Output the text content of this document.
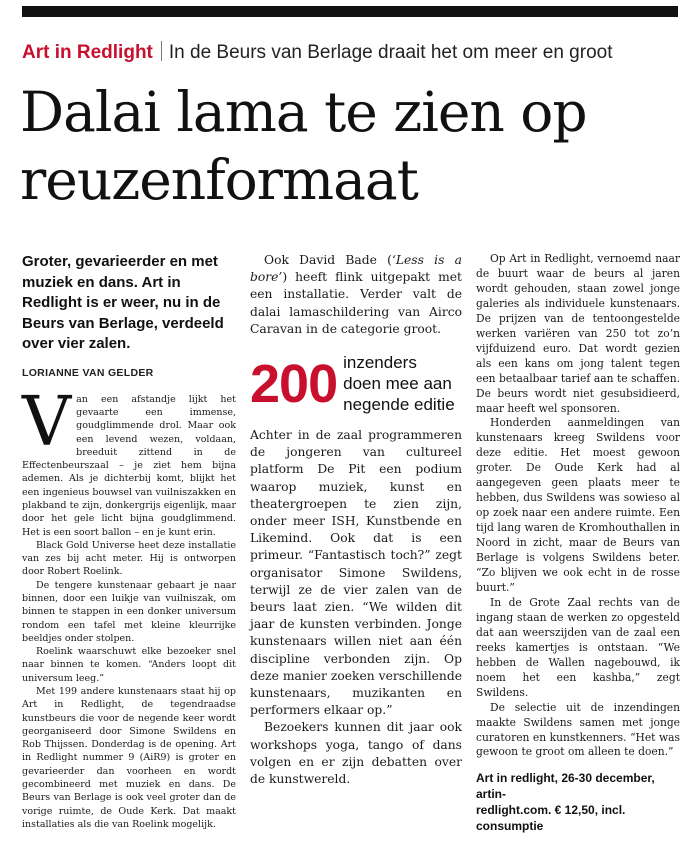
Art in Redlight In de Beurs van Berlage draait het om meer en groot
Dalai lama te zien op reuzenformaat

Groter, gevarieerder en met muziek en dans. Art in Redlight is er weer, nu in de Beurs van Berlage, verdeeld over vier zalen.

LORIANNE VAN GELDER

Van een afstandje lijkt het gevaarte een immense, goudglimmende drol. Maar ook een levend wezen, voldaan, breeduit zittend in de Effectenbeurszaal – je ziet hem bijna ademen. Als je dichterbij komt, blijkt het een ingenieus bouwsel van vuilniszakken en plakband te zijn, donkergrijs eigenlijk, maar door het gele licht bijna goudglimmend. Het is een soort ballon – en je kunt erin.

Black Gold Universe heet deze installatie van zes bij acht meter. Hij is ontworpen door Robert Roelink.

De tengere kunstenaar gebaart je naar binnen, door een luikje van vuilniszak, om binnen te stappen in een donker universum rondom een tafel met kleine kleurrijke beeldjes onder stolpen.

Roelink waarschuwt elke bezoeker snel naar binnen te komen. “Anders loopt dit universum leeg.”

Met 199 andere kunstenaars staat hij op Art in Redlight, de tegendraadse kunstbeurs die voor de negende keer wordt georganiseerd door Simone Swildens en Rob Thijssen. Donderdag is de opening. Art in Redlight nummer 9 (AiR9) is groter en gevarieerder dan voorheen en wordt gecombineerd met muziek en dans. De Beurs van Berlage is ook veel groter dan de vorige ruimte, de Oude Kerk. Dat maakt installaties als die van Roelink mogelijk.

Ook David Bade (‘Less is a bore’) heeft flink uitgepakt met een installatie. Verder valt de dalai lamaschildering van Airco Caravan in de categorie groot.

200 inzenders
doen mee aan
negende editie

Achter in de zaal programmeren de jongeren van cultureel platform De Pit een podium waarop muziek, kunst en theatergroepen te zien zijn, onder meer ISH, Kunstbende en Likemind. Ook dat is een primeur. “Fantastisch toch?” zegt organisator Simone Swildens, terwijl ze de vier zalen van de beurs laat zien. “We wilden dit jaar de kunsten verbinden. Jonge kunstenaars willen niet aan één discipline verbonden zijn. Op deze manier zoeken verschillende kunstenaars, muzikanten en performers elkaar op.”

Bezoekers kunnen dit jaar ook workshops yoga, tango of dans volgen en er zijn debatten over de kunstwereld.

Op Art in Redlight, vernoemd naar de buurt waar de beurs al jaren wordt gehouden, staan zowel jonge galeries als individuele kunstenaars. De prijzen van de tentoongestelde werken variëren van 250 tot zo’n vijfduizend euro. Dat wordt gezien als een kans om jong talent tegen een betaalbaar tarief aan te schaffen. De beurs wordt niet gesubsidieerd, maar heeft wel sponsoren.

Honderden aanmeldingen van kunstenaars kreeg Swildens voor deze editie. Het moest gewoon groter. De Oude Kerk had al aangegeven geen plaats meer te hebben, dus Swildens was sowieso al op zoek naar een andere ruimte. Een tijd lang waren de Kromhouthallen in Noord in zicht, maar de Beurs van Berlage is volgens Swildens beter. “Zo blijven we ook echt in de rosse buurt.”

In de Grote Zaal rechts van de ingang staan de werken zo opgesteld dat aan weerszijden van de zaal een reeks kamertjes is ontstaan. “We hebben de Wallen nagebouwd, ik noem het een kashba,” zegt Swildens.

De selectie uit de inzendingen maakte Swildens samen met jonge curatoren en kunstkenners. “Het was gewoon te groot om alleen te doen.”

Art in redlight, 26-30 december, artin-
redlight.com. € 12,50, incl. consumptie
